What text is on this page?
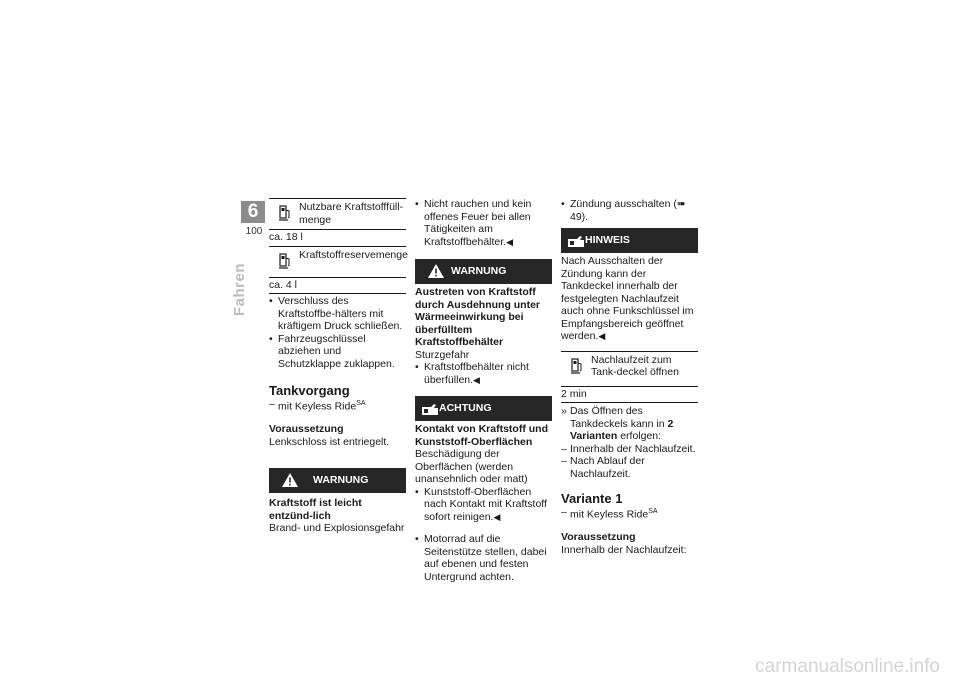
6
100
Fahren
Nutzbare Kraftstofffüll-menge
ca. 18 l
Kraftstoffreservemenge
ca. 4 l
• Verschluss des Kraftstoffbe-hälters mit kräftigem Druck schließen.
• Fahrzeugschlüssel abziehen und Schutzklappe zuklappen.
Tankvorgang
– mit Keyless Ride$^{SA}$
Voraussetzung
Lenkschloss ist entriegelt.
WARNUNG
Kraftstoff ist leicht entzünd-lich
Brand- und Explosionsgefahr
• Nicht rauchen und kein offenes Feuer bei allen Tätigkeiten am Kraftstoffbehälter.◀
WARNUNG
Austreten von Kraftstoff durch Ausdehnung unter Wärmeeinwirkung bei überfülltem Kraftstoffbehälter
Sturzgefahr
• Kraftstoffbehälter nicht überfüllen.◀
ACHTUNG
Kontakt von Kraftstoff und Kunststoff-Oberflächen
Beschädigung der Oberflächen (werden unansehnlich oder matt)
• Kunststoff-Oberflächen nach Kontakt mit Kraftstoff sofort reinigen.◀
• Motorrad auf die Seitenstütze stellen, dabei auf ebenen und festen Untergrund achten.
• Zündung ausschalten (➠ 49).
HINWEIS
Nach Ausschalten der Zündung kann der Tankdeckel innerhalb der festgelegten Nachlaufzeit auch ohne Funkschlüssel im Empfangsbereich geöffnet werden.◀
Nachlaufzeit zum Tank-deckel öffnen
2 min
» Das Öffnen des Tankdeckels kann in 2 Varianten erfolgen:
– Innerhalb der Nachlaufzeit.
– Nach Ablauf der Nachlaufzeit.
Variante 1
– mit Keyless Ride$^{SA}$
Voraussetzung
Innerhalb der Nachlaufzeit:
carmanualsonline.info
